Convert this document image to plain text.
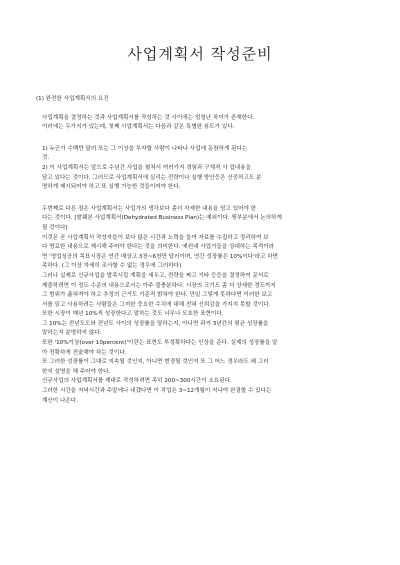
사업계획서 작성준비

(1) 완전한 사업계획서의 요건

사업계획을 결정하는 것과 사업계획서를 작성하는 것 사이에는 엄청난 차이가 존재한다.
이러에는 두가지가 있는데, 첫째 사업계획서는 다음과 같은 특별한 용도가 있다.

1) 누군가 수백만 달러 또는 그 이상을 투자할 사람이 나타나 사업에 동참하게 된다는
것.

2) 이 사업계획서는 앞으로 수년간 사업을 펼쳐서 여러가지 경험과 구체적 사 업내용을
담고 있다는 것이다. 그러므로 사업계획서에 실리는 전략이나 실행 방안등은 신중하고도 분
명하게 제시되어야 하고 또 실행 가능한 것들이어야 한다.

두번째로 다른 점은 사업계획서는 사업가의 생각보다 좀더 자세한 내용을 담고 있어야 한
다는 것이다. [발췌본 사업계획서(Dehydrated Business Plan)는 예외이다. 뒷부분에서 논의하게
될 것이다]

이것은 곧 사업계획서 작성자들이 보다 많은 시간과 노력을 들여 자료를 수집하고 정리하여 보
다 명료한 내용으로 제시해 주어야 한다는 것을 의미한다. 예컨대 사업가들을 상대하는 목적이라
면 '영업성공의 목표시장은 연간 매상고 3천~6천만 달러이며, 연간 성장률은 10%이다'라고 하면
족하다. (그 이상 자세히 조사할 수 없는 경우에 그러하다)

그러나 실제로 신규사업을 발족시킬 계획을 세우고, 전략을 짜고 기타 등등을 결정하여 문서로
제출하려면 이 정도 수준의 내용으로서는 아주 불충분하다. 시장의 크기도 좀 더 상세한 정도까지
그 범위가 좁혀져야 하고 추정의 근거도 기준적 밝혀야 한다. 만일 그렇게 못하다면 이러한 보고
서를 읽고 사용하려는 사람들은 그저한 중요한 수치에 대해 전혀 신뢰감을 가지지 못할 것이다.

또한 시장이 매년 10%씩 성장한다고 말하는 것도 너무나 모호한 표현이다.

그 10%는 전년도도와 전년도 사이의 성장률을 말하는지, 아니면 과거 3년간의 평균 성장률을
말하는지 분명하지 않다.

또한 '10%이상(over 10percent)'이란는 표현도 부정확하다는 인상을 준다. 실제의 성장률을 알
아 전확하게 전술해야 하는 것이다.

또 그러한 성장률이 그대로 지속될 것인지, 아니면 변경될 것인지 또 그 어느 경우라도 왜 그러
한지 설명을 해 주어야 한다.

신규사업의 사업계획서를 제대로 작성하려면 족히 200~300시간이 소요된다.

그러한 시간을 저녁시간과 주말에나 내겠다면 이 작업은 3~12개월이 지나야 완결할 수 있다는
계산이 나온다.
